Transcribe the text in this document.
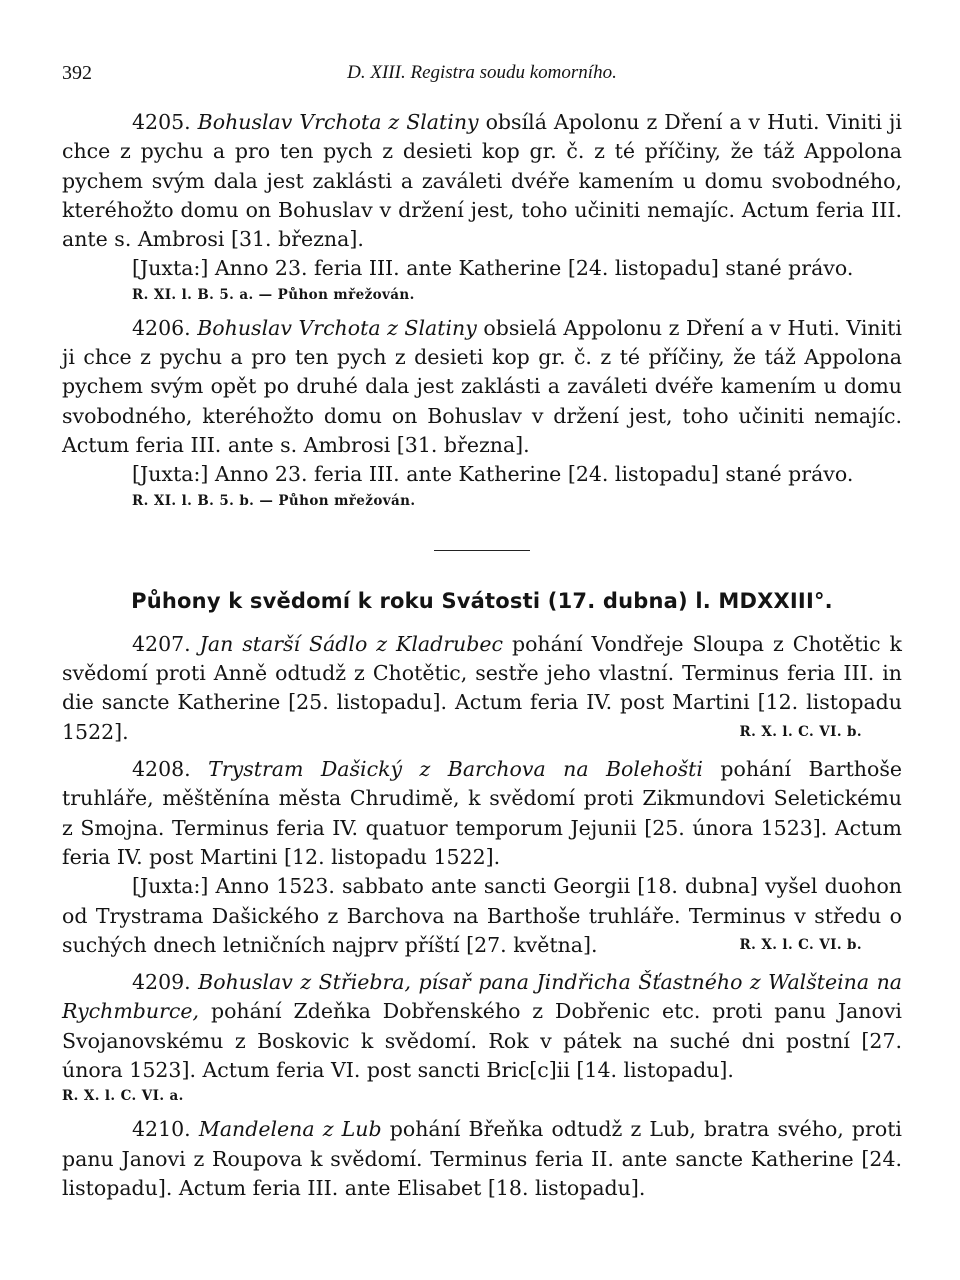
392	D. XIII. Registra soudu komorního.

4205. Bohuslav Vrchota z Slatiny obsílá Apolonu z Dření a v Huti. Viniti ji chce z pychu a pro ten pych z desieti kop gr. č. z té příčiny, že táž Appolona pychem svým dala jest zaklásti a zaváleti dvéře kamením u domu svobodného, kteréhožto domu on Bohuslav v držení jest, toho učiniti nemajíc. Actum feria III. ante s. Ambrosi [31. března].

[Juxta:] Anno 23. feria III. ante Katherine [24. listopadu] stané právo.

R. XI. l. B. 5. a. — Půhon mřežován.

4206. Bohuslav Vrchota z Slatiny obsielá Appolonu z Dření a v Huti. Viniti ji chce z pychu a pro ten pych z desieti kop gr. č. z té příčiny, že táž Appolona pychem svým opět po druhé dala jest zaklásti a zaváleti dvéře kamením u domu svobodného, kteréhožto domu on Bohuslav v držení jest, toho učiniti nemajíc. Actum feria III. ante s. Ambrosi [31. března].

[Juxta:] Anno 23. feria III. ante Katherine [24. listopadu] stané právo.

R. XI. l. B. 5. b. — Půhon mřežován.

Půhony k svědomí k roku Svátosti (17. dubna) l. MDXXIII°.

4207. Jan starší Sádlo z Kladrubec pohání Vondřeje Sloupa z Chotětic k svědomí proti Anně odtudž z Chotětic, sestře jeho vlastní. Terminus feria III. in die sancte Katherine [25. listopadu]. Actum feria IV. post Martini [12. listopadu 1522].	R. X. l. C. VI. b.

4208. Trystram Dašický z Barchova na Bolehošti pohání Barthoše truhláře, měštěnína města Chrudimě, k svědomí proti Zikmundovi Seletickému z Smojna. Terminus feria IV. quatuor temporum Jejunii [25. února 1523]. Actum feria IV. post Martini [12. listopadu 1522].

[Juxta:] Anno 1523. sabbato ante sancti Georgii [18. dubna] vyšel duohon od Trystrama Dašického z Barchova na Barthoše truhláře. Terminus v středu o suchých dnech letničních najprv příští [27. května].	R. X. l. C. VI. b.

4209. Bohuslav z Střiebra, písař pana Jindřicha Šťastného z Walšteina na Rychmburce, pohání Zdeňka Dobřenského z Dobřenic etc. proti panu Janovi Svojanovskému z Boskovic k svědomí. Rok v pátek na suché dni postní [27. února 1523]. Actum feria VI. post sancti Bric[c]ii [14. listopadu].

R. X. l. C. VI. a.

4210. Mandelena z Lub pohání Břeňka odtudž z Lub, bratra svého, proti panu Janovi z Roupova k svědomí. Terminus feria II. ante sancte Katherine [24. listopadu]. Actum feria III. ante Elisabet [18. listopadu].
